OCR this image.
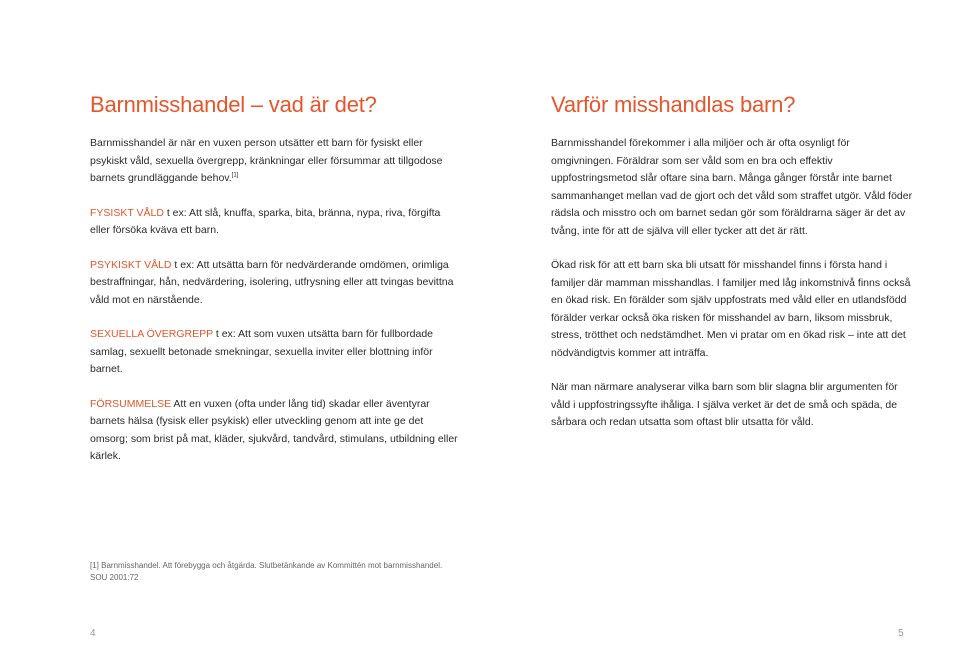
Barnmisshandel – vad är det?

Barnmisshandel är när en vuxen person utsätter ett barn för fysiskt eller psykiskt våld, sexuella övergrepp, kränkningar eller försummar att tillgodose barnets grundläggande behov.[1]

FYSISKT VÅLD t ex: Att slå, knuffa, sparka, bita, bränna, nypa, riva, förgifta eller försöka kväva ett barn.

PSYKISKT VÅLD t ex: Att utsätta barn för nedvärderande omdömen, orimliga bestraffningar, hån, nedvärdering, isolering, utfrysning eller att tvingas bevittna våld mot en närstående.

SEXUELLA ÖVERGREPP t ex: Att som vuxen utsätta barn för fullbordade samlag, sexuellt betonade smekningar, sexuella inviter eller blottning inför barnet.

FÖRSUMMELSE Att en vuxen (ofta under lång tid) skadar eller äventyrar barnets hälsa (fysisk eller psykisk) eller utveckling genom att inte ge det omsorg; som brist på mat, kläder, sjukvård, tandvård, stimulans, utbildning eller kärlek.

[1] Barnmisshandel. Att förebygga och åtgärda. Slutbetänkande av Kommittén mot barnmisshandel. SOU 2001:72
4
Varför misshandlas barn?

Barnmisshandel förekommer i alla miljöer och är ofta osynligt för omgivningen. Föräldrar som ser våld som en bra och effektiv uppfostringsmetod slår oftare sina barn. Många gånger förstår inte barnet sammanhanget mellan vad de gjort och det våld som straffet utgör. Våld föder rädsla och misstro och om barnet sedan gör som föräldrarna säger är det av tvång, inte för att de själva vill eller tycker att det är rätt.

Ökad risk för att ett barn ska bli utsatt för misshandel finns i första hand i familjer där mamman misshandlas. I familjer med låg inkomstnivå finns också en ökad risk. En förälder som själv uppfostrats med våld eller en utlandsfödd förälder verkar också öka risken för misshandel av barn, liksom missbruk, stress, trötthet och nedstämdhet. Men vi pratar om en ökad risk – inte att det nödvändigtvis kommer att inträffa.

När man närmare analyserar vilka barn som blir slagna blir argumenten för våld i uppfostringssyfte ihåliga. I själva verket är det de små och späda, de sårbara och redan utsatta som oftast blir utsatta för våld.

5
